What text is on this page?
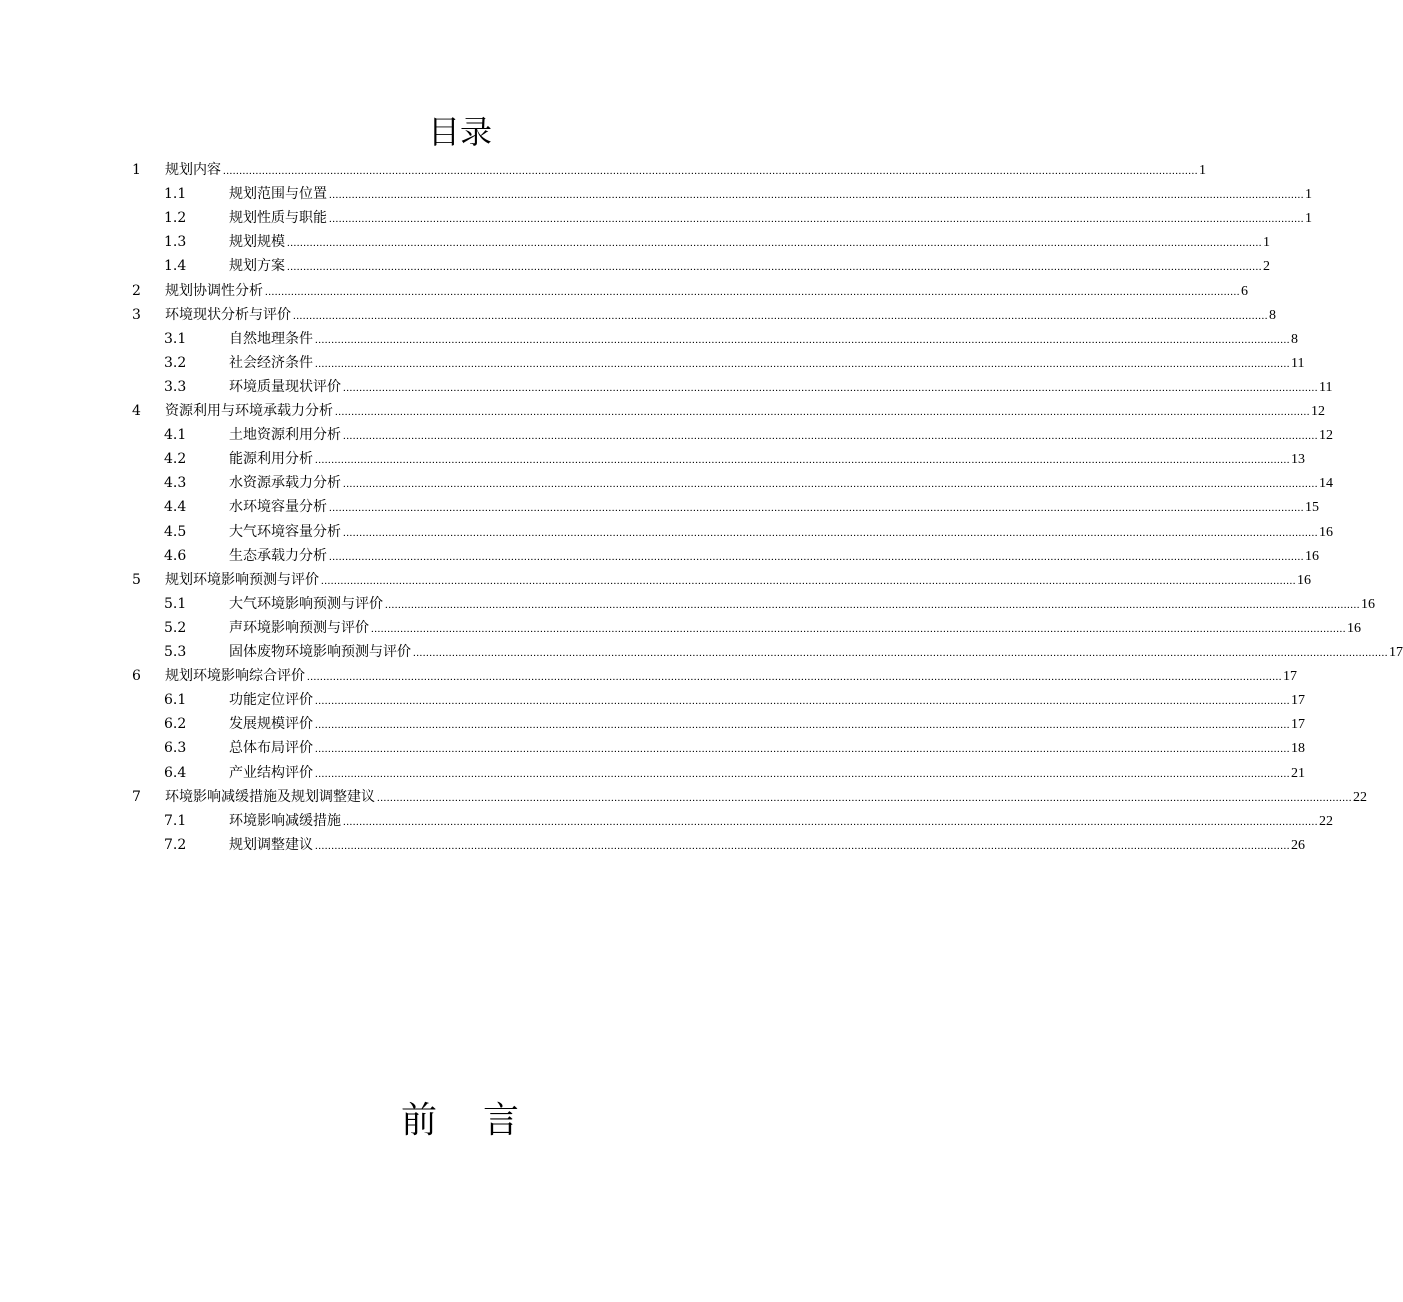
目录
1 规划内容 ............................................................................................................................................................................................................................................................................................................ 1
1.1	规划范围与位置 ............................................................................................................................................................................................................................................................................................................ 1
1.2	规划性质与职能 ............................................................................................................................................................................................................................................................................................................ 1
1.3	规划规模 ............................................................................................................................................................................................................................................................................................................ 1
1.4	规划方案 ............................................................................................................................................................................................................................................................................................................ 2
2 规划协调性分析 ............................................................................................................................................................................................................................................................................................................ 6
3 环境现状分析与评价 ............................................................................................................................................................................................................................................................................................................ 8
3.1	自然地理条件 ............................................................................................................................................................................................................................................................................................................ 8
3.2	社会经济条件 ............................................................................................................................................................................................................................................................................................................ 11
3.3	环境质量现状评价 ............................................................................................................................................................................................................................................................................................................ 11
4 资源利用与环境承载力分析 ............................................................................................................................................................................................................................................................................................................ 12
4.1	土地资源利用分析 ............................................................................................................................................................................................................................................................................................................ 12
4.2	能源利用分析 ............................................................................................................................................................................................................................................................................................................ 13
4.3	水资源承载力分析 ............................................................................................................................................................................................................................................................................................................ 14
4.4	水环境容量分析 ............................................................................................................................................................................................................................................................................................................ 15
4.5	大气环境容量分析 ............................................................................................................................................................................................................................................................................................................ 16
4.6	生态承载力分析 ............................................................................................................................................................................................................................................................................................................ 16
5 规划环境影响预测与评价 ............................................................................................................................................................................................................................................................................................................ 16
5.1	大气环境影响预测与评价 ............................................................................................................................................................................................................................................................................................................ 16
5.2	声环境影响预测与评价 ............................................................................................................................................................................................................................................................................................................ 16
5.3	固体废物环境影响预测与评价 ............................................................................................................................................................................................................................................................................................................ 17
6 规划环境影响综合评价 ............................................................................................................................................................................................................................................................................................................ 17
6.1	功能定位评价 ............................................................................................................................................................................................................................................................................................................ 17
6.2	发展规模评价 ............................................................................................................................................................................................................................................................................................................ 17
6.3	总体布局评价 ............................................................................................................................................................................................................................................................................................................ 18
6.4	产业结构评价 ............................................................................................................................................................................................................................................................................................................ 21
7 环境影响减缓措施及规划调整建议 ............................................................................................................................................................................................................................................................................................................ 22
7.1	环境影响减缓措施 ............................................................................................................................................................................................................................................................................................................ 22
7.2	规划调整建议 ............................................................................................................................................................................................................................................................................................................ 26
前言
